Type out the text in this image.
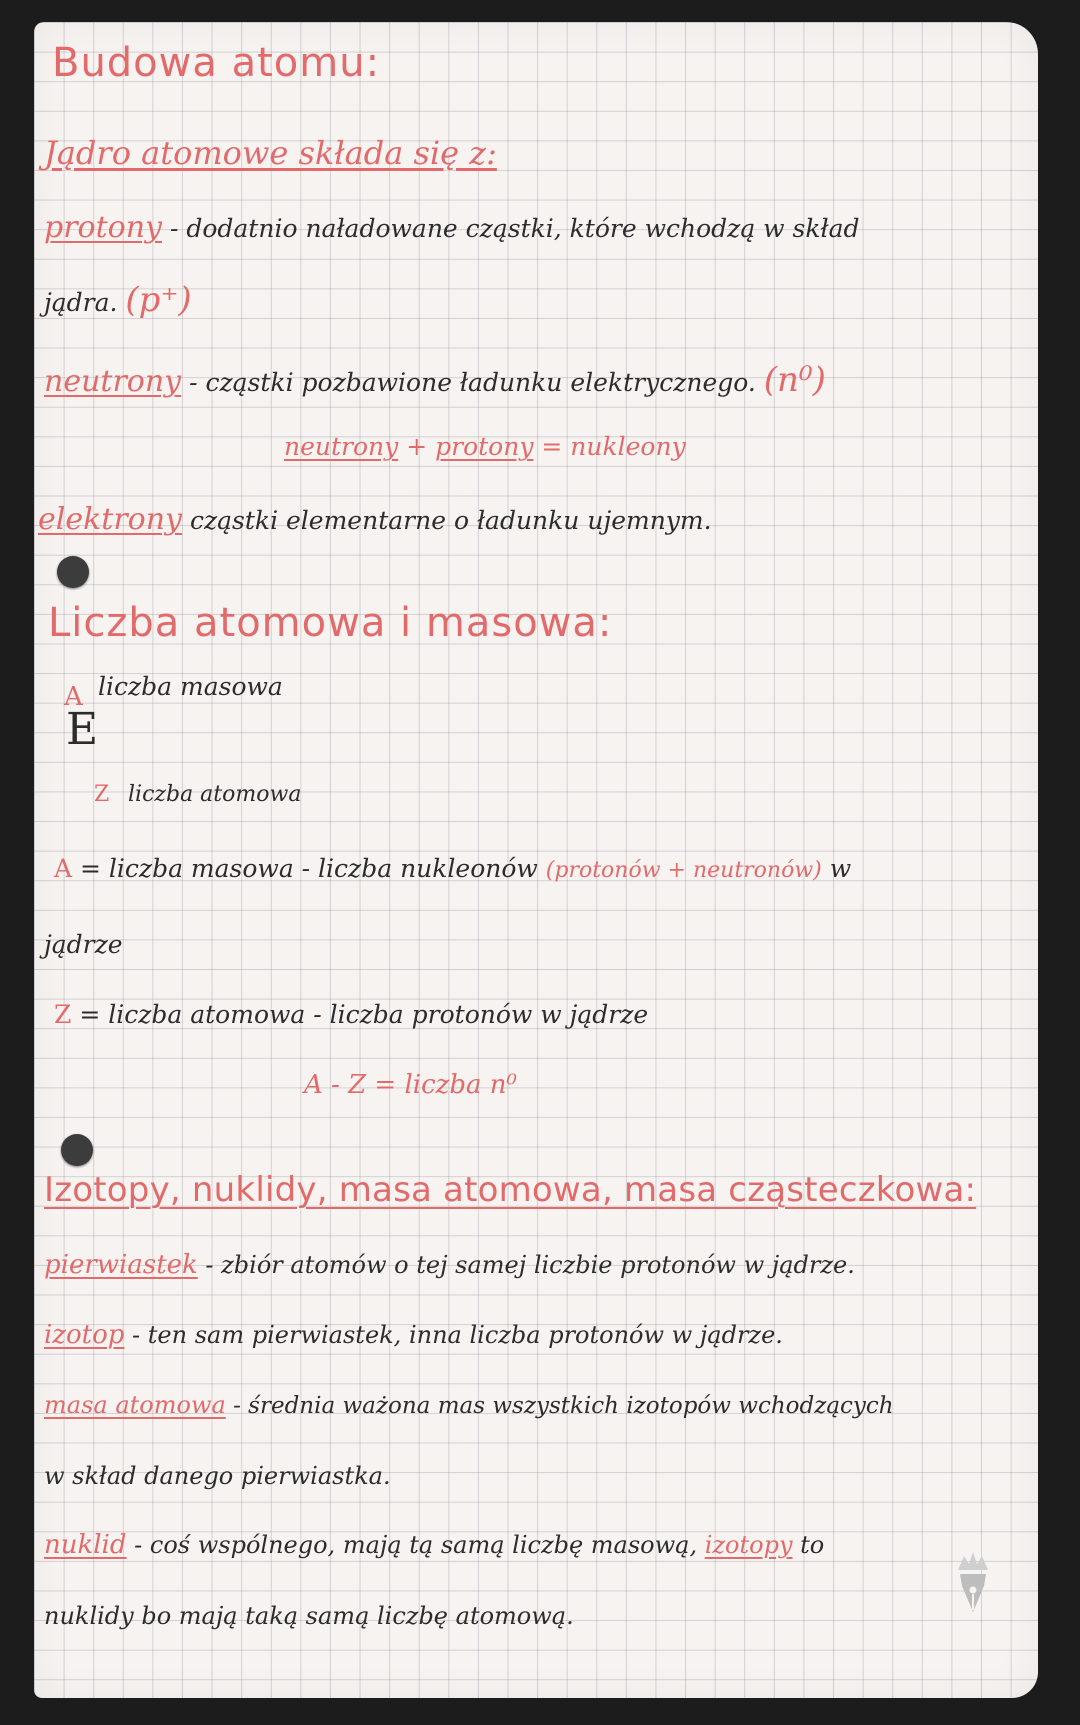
Budowa atomu:
Jądro atomowe składa się z:
protony - dodatnio naładowane cząstki, które wchodzą w skład
jądra. (p⁺)
neutrony - cząstki pozbawione ładunku elektrycznego. (n⁰)
neutrony + protony = nukleony
elektrony cząstki elementarne o ładunku ujemnym.
Liczba atomowa i masowa:
A liczba masowa
E
Z liczba atomowa
A = liczba masowa - liczba nukleonów (protonów + neutronów) w
jądrze
Z = liczba atomowa - liczba protonów w jądrze
A - Z = liczba n⁰
Izotopy, nuklidy, masa atomowa, masa cząsteczkowa:
pierwiastek - zbiór atomów o tej samej liczbie protonów w jądrze.
izotop - ten sam pierwiastek, inna liczba protonów w jądrze.
masa atomowa - średnia ważona mas wszystkich izotopów wchodzących
w skład danego pierwiastka.
nuklid - coś wspólnego, mają tą samą liczbę masową, izotopy to
nuklidy bo mają taką samą liczbę atomową.
